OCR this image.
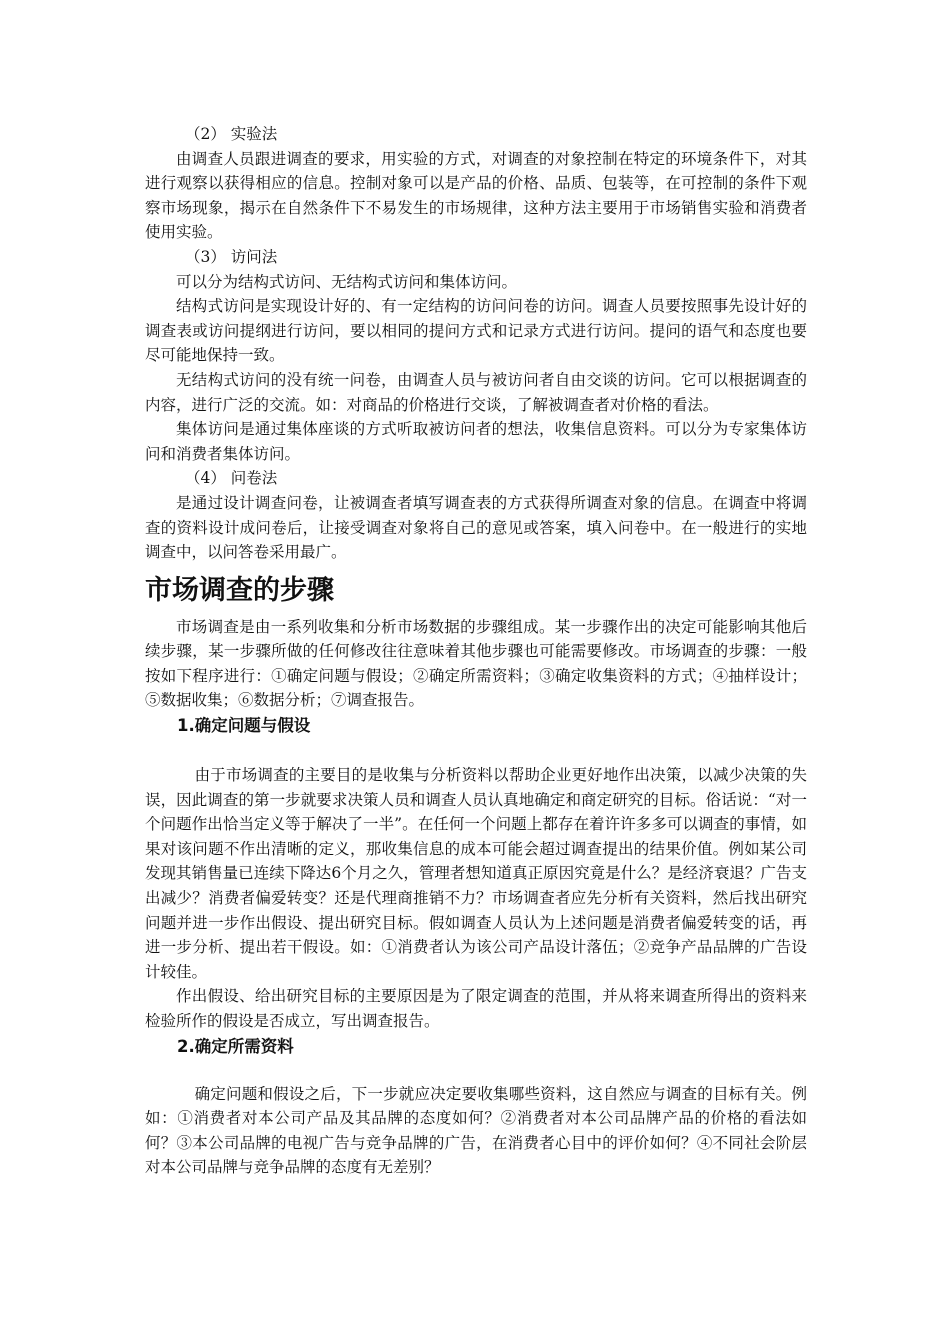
（2） 实验法

由调查人员跟进调查的要求，用实验的方式，对调查的对象控制在特定的环境条件下，对其进行观察以获得相应的信息。控制对象可以是产品的价格、品质、包装等，在可控制的条件下观察市场现象，揭示在自然条件下不易发生的市场规律，这种方法主要用于市场销售实验和消费者使用实验。

（3） 访问法

可以分为结构式访问、无结构式访问和集体访问。

结构式访问是实现设计好的、有一定结构的访问问卷的访问。调查人员要按照事先设计好的调查表或访问提纲进行访问，要以相同的提问方式和记录方式进行访问。提问的语气和态度也要尽可能地保持一致。

无结构式访问的没有统一问卷，由调查人员与被访问者自由交谈的访问。它可以根据调查的内容，进行广泛的交流。如：对商品的价格进行交谈，了解被调查者对价格的看法。

集体访问是通过集体座谈的方式听取被访问者的想法，收集信息资料。可以分为专家集体访问和消费者集体访问。

（4） 问卷法

是通过设计调查问卷，让被调查者填写调查表的方式获得所调查对象的信息。在调查中将调查的资料设计成问卷后，让接受调查对象将自己的意见或答案，填入问卷中。在一般进行的实地调查中，以问答卷采用最广。

市场调查的步骤

市场调查是由一系列收集和分析市场数据的步骤组成。某一步骤作出的决定可能影响其他后续步骤，某一步骤所做的任何修改往往意味着其他步骤也可能需要修改。市场调查的步骤：一般按如下程序进行：①确定问题与假设；②确定所需资料；③确定收集资料的方式；④抽样设计；⑤数据收集；⑥数据分析；⑦调查报告。

1.确定问题与假设

由于市场调查的主要目的是收集与分析资料以帮助企业更好地作出决策，以减少决策的失误，因此调查的第一步就要求决策人员和调查人员认真地确定和商定研究的目标。俗话说：“对一个问题作出恰当定义等于解决了一半”。在任何一个问题上都存在着许许多多可以调查的事情，如果对该问题不作出清晰的定义，那收集信息的成本可能会超过调查提出的结果价值。例如某公司发现其销售量已连续下降达6个月之久，管理者想知道真正原因究竟是什么？是经济衰退？广告支出减少？消费者偏爱转变？还是代理商推销不力？市场调查者应先分析有关资料，然后找出研究问题并进一步作出假设、提出研究目标。假如调查人员认为上述问题是消费者偏爱转变的话，再进一步分析、提出若干假设。如：①消费者认为该公司产品设计落伍；②竞争产品品牌的广告设计较佳。

作出假设、给出研究目标的主要原因是为了限定调查的范围，并从将来调查所得出的资料来检验所作的假设是否成立，写出调查报告。

2.确定所需资料

确定问题和假设之后，下一步就应决定要收集哪些资料，这自然应与调查的目标有关。例如：①消费者对本公司产品及其品牌的态度如何？②消费者对本公司品牌产品的价格的看法如何？③本公司品牌的电视广告与竞争品牌的广告，在消费者心目中的评价如何？④不同社会阶层对本公司品牌与竞争品牌的态度有无差别？
